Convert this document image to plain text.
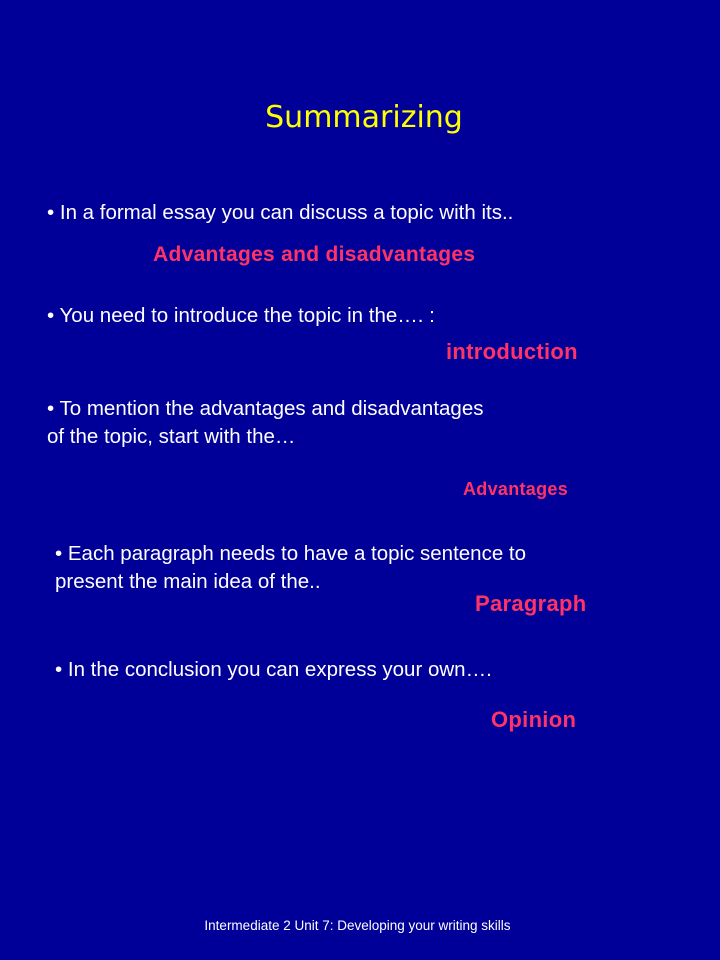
Summarizing
• In a formal essay you can discuss a topic with its..
Advantages and disadvantages
• You need to introduce the topic in the…. :
introduction
• To mention the advantages and disadvantages
of the topic, start with the…
Advantages
• Each paragraph needs to have a topic sentence to
present the main idea of the..
Paragraph
• In the conclusion you can express your own….
Opinion
Intermediate 2 Unit 7: Developing your writing skills
